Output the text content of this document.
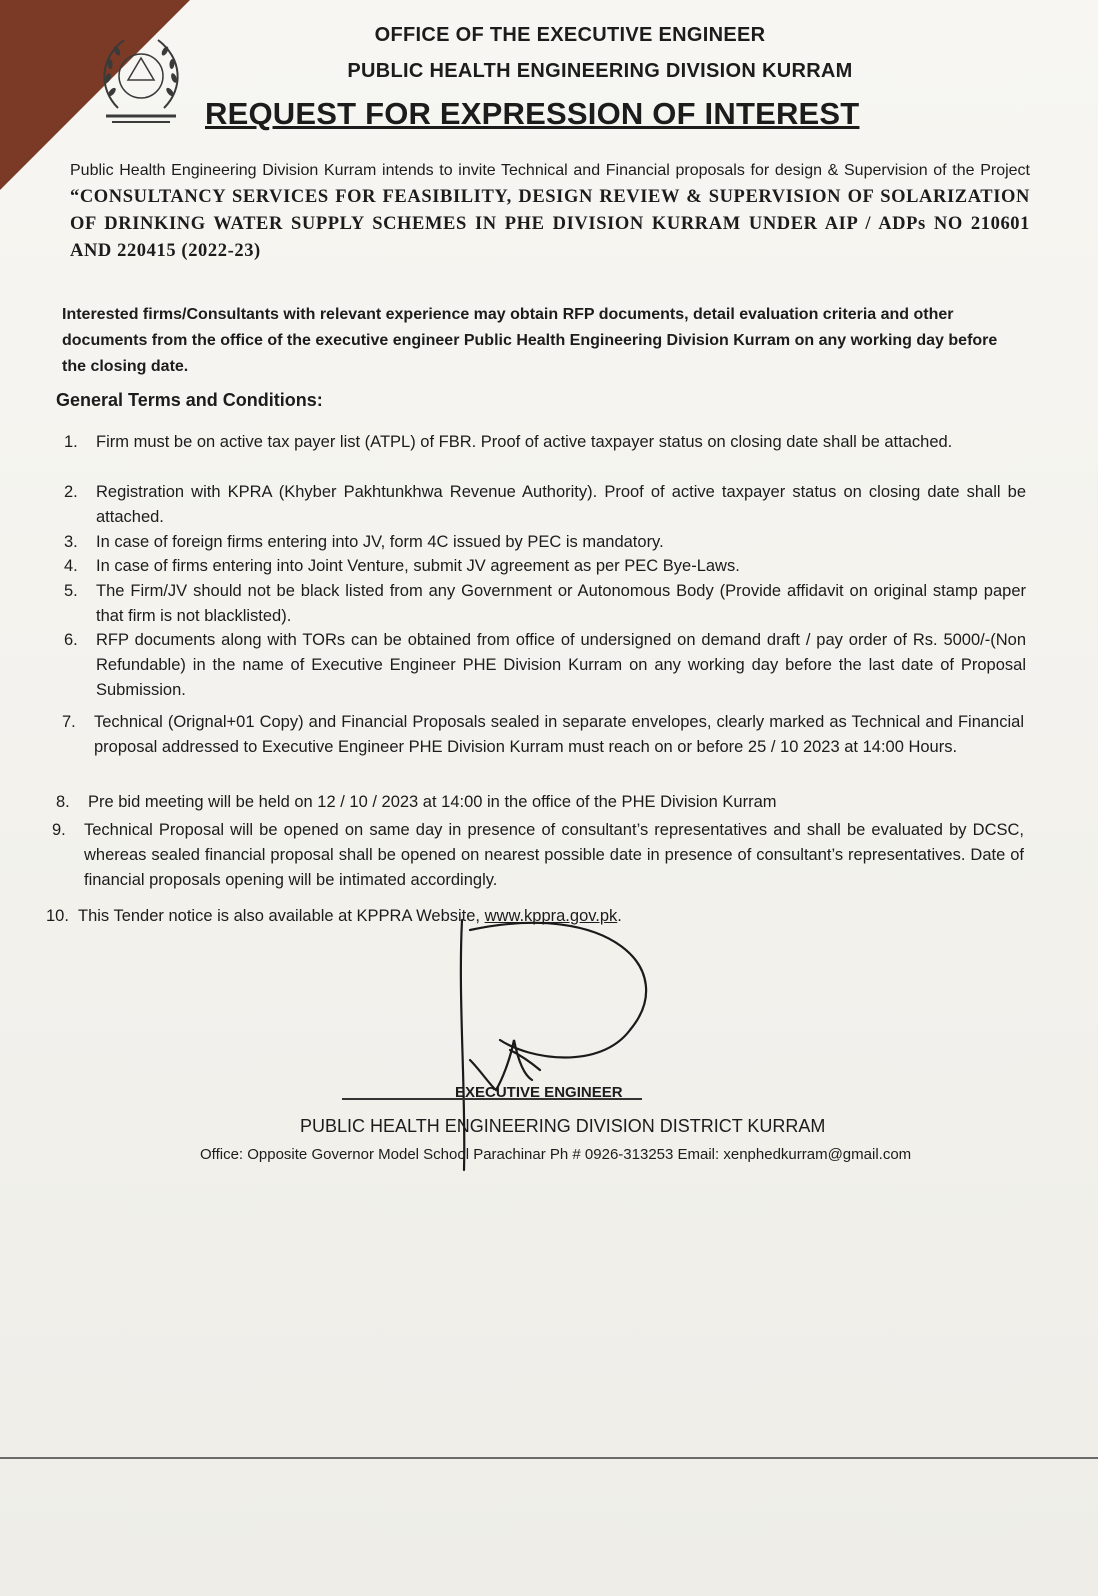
OFFICE OF THE EXECUTIVE ENGINEER
PUBLIC HEALTH ENGINEERING DIVISION KURRAM
REQUEST FOR EXPRESSION OF INTEREST
Public Health Engineering Division Kurram intends to invite Technical and Financial proposals for design & Supervision of the Project “CONSULTANCY SERVICES FOR FEASIBILITY, DESIGN REVIEW & SUPERVISION OF SOLARIZATION OF DRINKING WATER SUPPLY SCHEMES IN PHE DIVISION KURRAM UNDER AIP / ADPs NO 210601 AND 220415 (2022-23)
Interested firms/Consultants with relevant experience may obtain RFP documents, detail evaluation criteria and other documents from the office of the executive engineer Public Health Engineering Division Kurram on any working day before the closing date.
General Terms and Conditions:
1.	Firm must be on active tax payer list (ATPL) of FBR. Proof of active taxpayer status on closing date shall be attached.
2.	Registration with KPRA (Khyber Pakhtunkhwa Revenue Authority). Proof of active taxpayer status on closing date shall be attached.
3.	In case of foreign firms entering into JV, form 4C issued by PEC is mandatory.
4.	In case of firms entering into Joint Venture, submit JV agreement as per PEC Bye-Laws.
5.	The Firm/JV should not be black listed from any Government or Autonomous Body (Provide affidavit on original stamp paper that firm is not blacklisted).
6.	RFP documents along with TORs can be obtained from office of undersigned on demand draft / pay order of Rs. 5000/-(Non Refundable) in the name of Executive Engineer PHE Division Kurram on any working day before the last date of Proposal Submission.
7.	Technical (Orignal+01 Copy) and Financial Proposals sealed in separate envelopes, clearly marked as Technical and Financial proposal addressed to Executive Engineer PHE Division Kurram must reach on or before 25 / 10 2023 at 14:00 Hours.
8.	Pre bid meeting will be held on 12 / 10 / 2023 at 14:00 in the office of the PHE Division Kurram
9.	Technical Proposal will be opened on same day in presence of consultant’s representatives and shall be evaluated by DCSC, whereas sealed financial proposal shall be opened on nearest possible date in presence of consultant’s representatives. Date of financial proposals opening will be intimated accordingly.
10. This Tender notice is also available at KPPRA Website, www.kppra.gov.pk.
EXECUTIVE ENGINEER
PUBLIC HEALTH ENGINEERING DIVISION DISTRICT KURRAM
Office: Opposite Governor Model School Parachinar Ph # 0926-313253 Email: xenphedkurram@gmail.com
